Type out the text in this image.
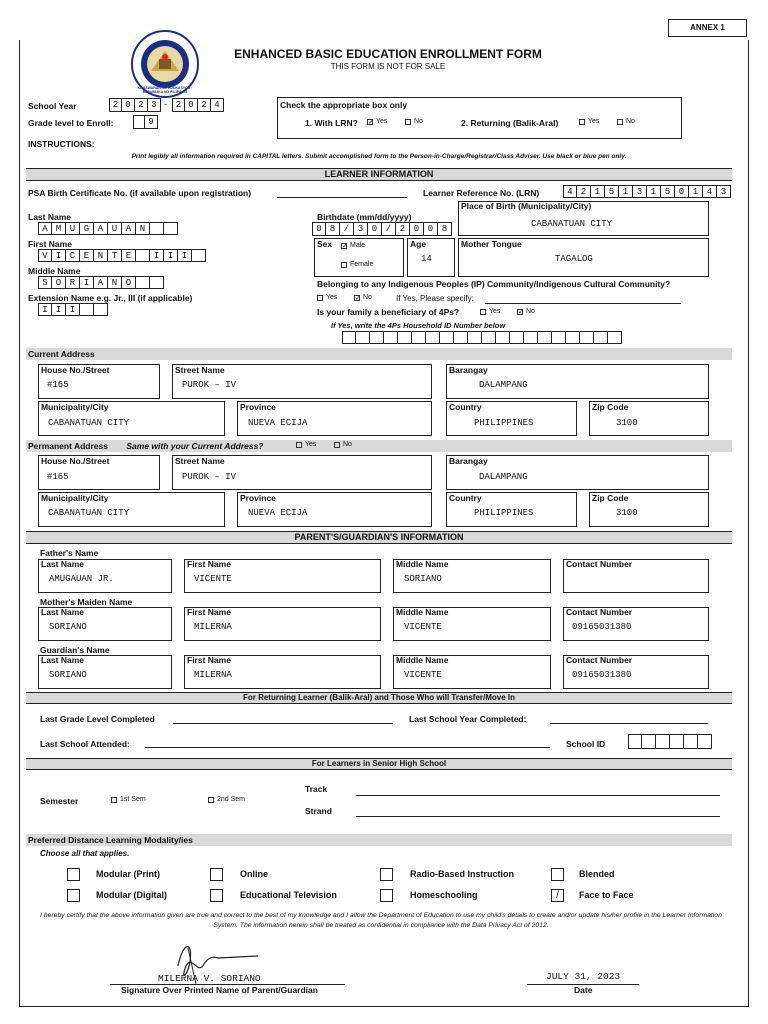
ANNEX 1
KAGAWARAN NG EDUKASYON · REPUBLIKA NG PILIPINAS
ENHANCED BASIC EDUCATION ENROLLMENT FORM
THIS FORM IS NOT FOR SALE
School Year	2 0 2 3 - 2 0 2 4
Grade level to Enroll:	9
Check the appropriate box only
1. With LRN? ✓ Yes	No	2. Returning (Balik-Aral)	Yes	No
INSTRUCTIONS:
Print legibly all information required in CAPITAL letters. Submit accomplished form to the Person-in-Charge/Registrar/Class Adviser. Use black or blue pen only.
LEARNER INFORMATION
PSA Birth Certificate No. (if available upon registration)	Learner Reference No. (LRN)	4 2 1 5 1 3 1 5 0 1 4 3
Last Name
A M U G A U A N
First Name
V I C E N T E	I I I
Middle Name
S O R I A N O
Extension Name e.g. Jr., III (if applicable)
I I I
Birthdate (mm/dd/yyyy)
0 8 / 3 0 / 2 0 0 8
Place of Birth (Municipality/City)
CABANATUAN CITY
Sex ✓ Male
Female
Age
14
Mother Tongue
TAGALOG
Belonging to any Indigenous Peoples (IP) Community/Indigenous Cultural Community?
Yes	✓ No	If Yes, Please specify:
Is your family a beneficiary of 4Ps?	Yes	✓ No
If Yes, write the 4Ps Household ID Number below
Current Address
House No./Street
#165
Street Name
PUROK – IV
Barangay
DALAMPANG
Municipality/City
CABANATUAN CITY
Province
NUEVA ECIJA
Country
PHILIPPINES
Zip Code
3100
Permanent Address Same with your Current Address?	Yes	No
House No./Street
#165
Street Name
PUROK – IV
Barangay
DALAMPANG
Municipality/City
CABANATUAN CITY
Province
NUEVA ECIJA
Country
PHILIPPINES
Zip Code
3100
PARENT'S/GUARDIAN'S INFORMATION
Father's Name
Last Name
AMUGAUAN JR.
First Name
VICENTE
Middle Name
SORIANO
Contact Number
Mother's Maiden Name
Last Name
SORIANO
First Name
MILERNA
Middle Name
VICENTE
Contact Number
09165031380
Guardian's Name
Last Name
SORIANO
First Name
MILERNA
Middle Name
VICENTE
Contact Number
09165031380
For Returning Learner (Balik-Aral) and Those Who will Transfer/Move In
Last Grade Level Completed	Last School Year Completed:
Last School Attended:	School ID
For Learners in Senior High School
Semester	1st Sem	2nd Sem
Track
Strand
Preferred Distance Learning Modality/ies
Choose all that applies.
Modular (Print)	Online	Radio-Based Instruction	Blended
Modular (Digital)	Educational Television	Homeschooling	/	Face to Face
I hereby certify that the above information given are true and correct to the best of my knowledge and I allow the Department of Education to use my child's details to create and/or update his/her profile in the Learner Information System. The information herein shall be treated as confidential in compliance with the Data Privacy Act of 2012.
MILERNA V. SORIANO
Signature Over Printed Name of Parent/Guardian
JULY 31, 2023
Date
